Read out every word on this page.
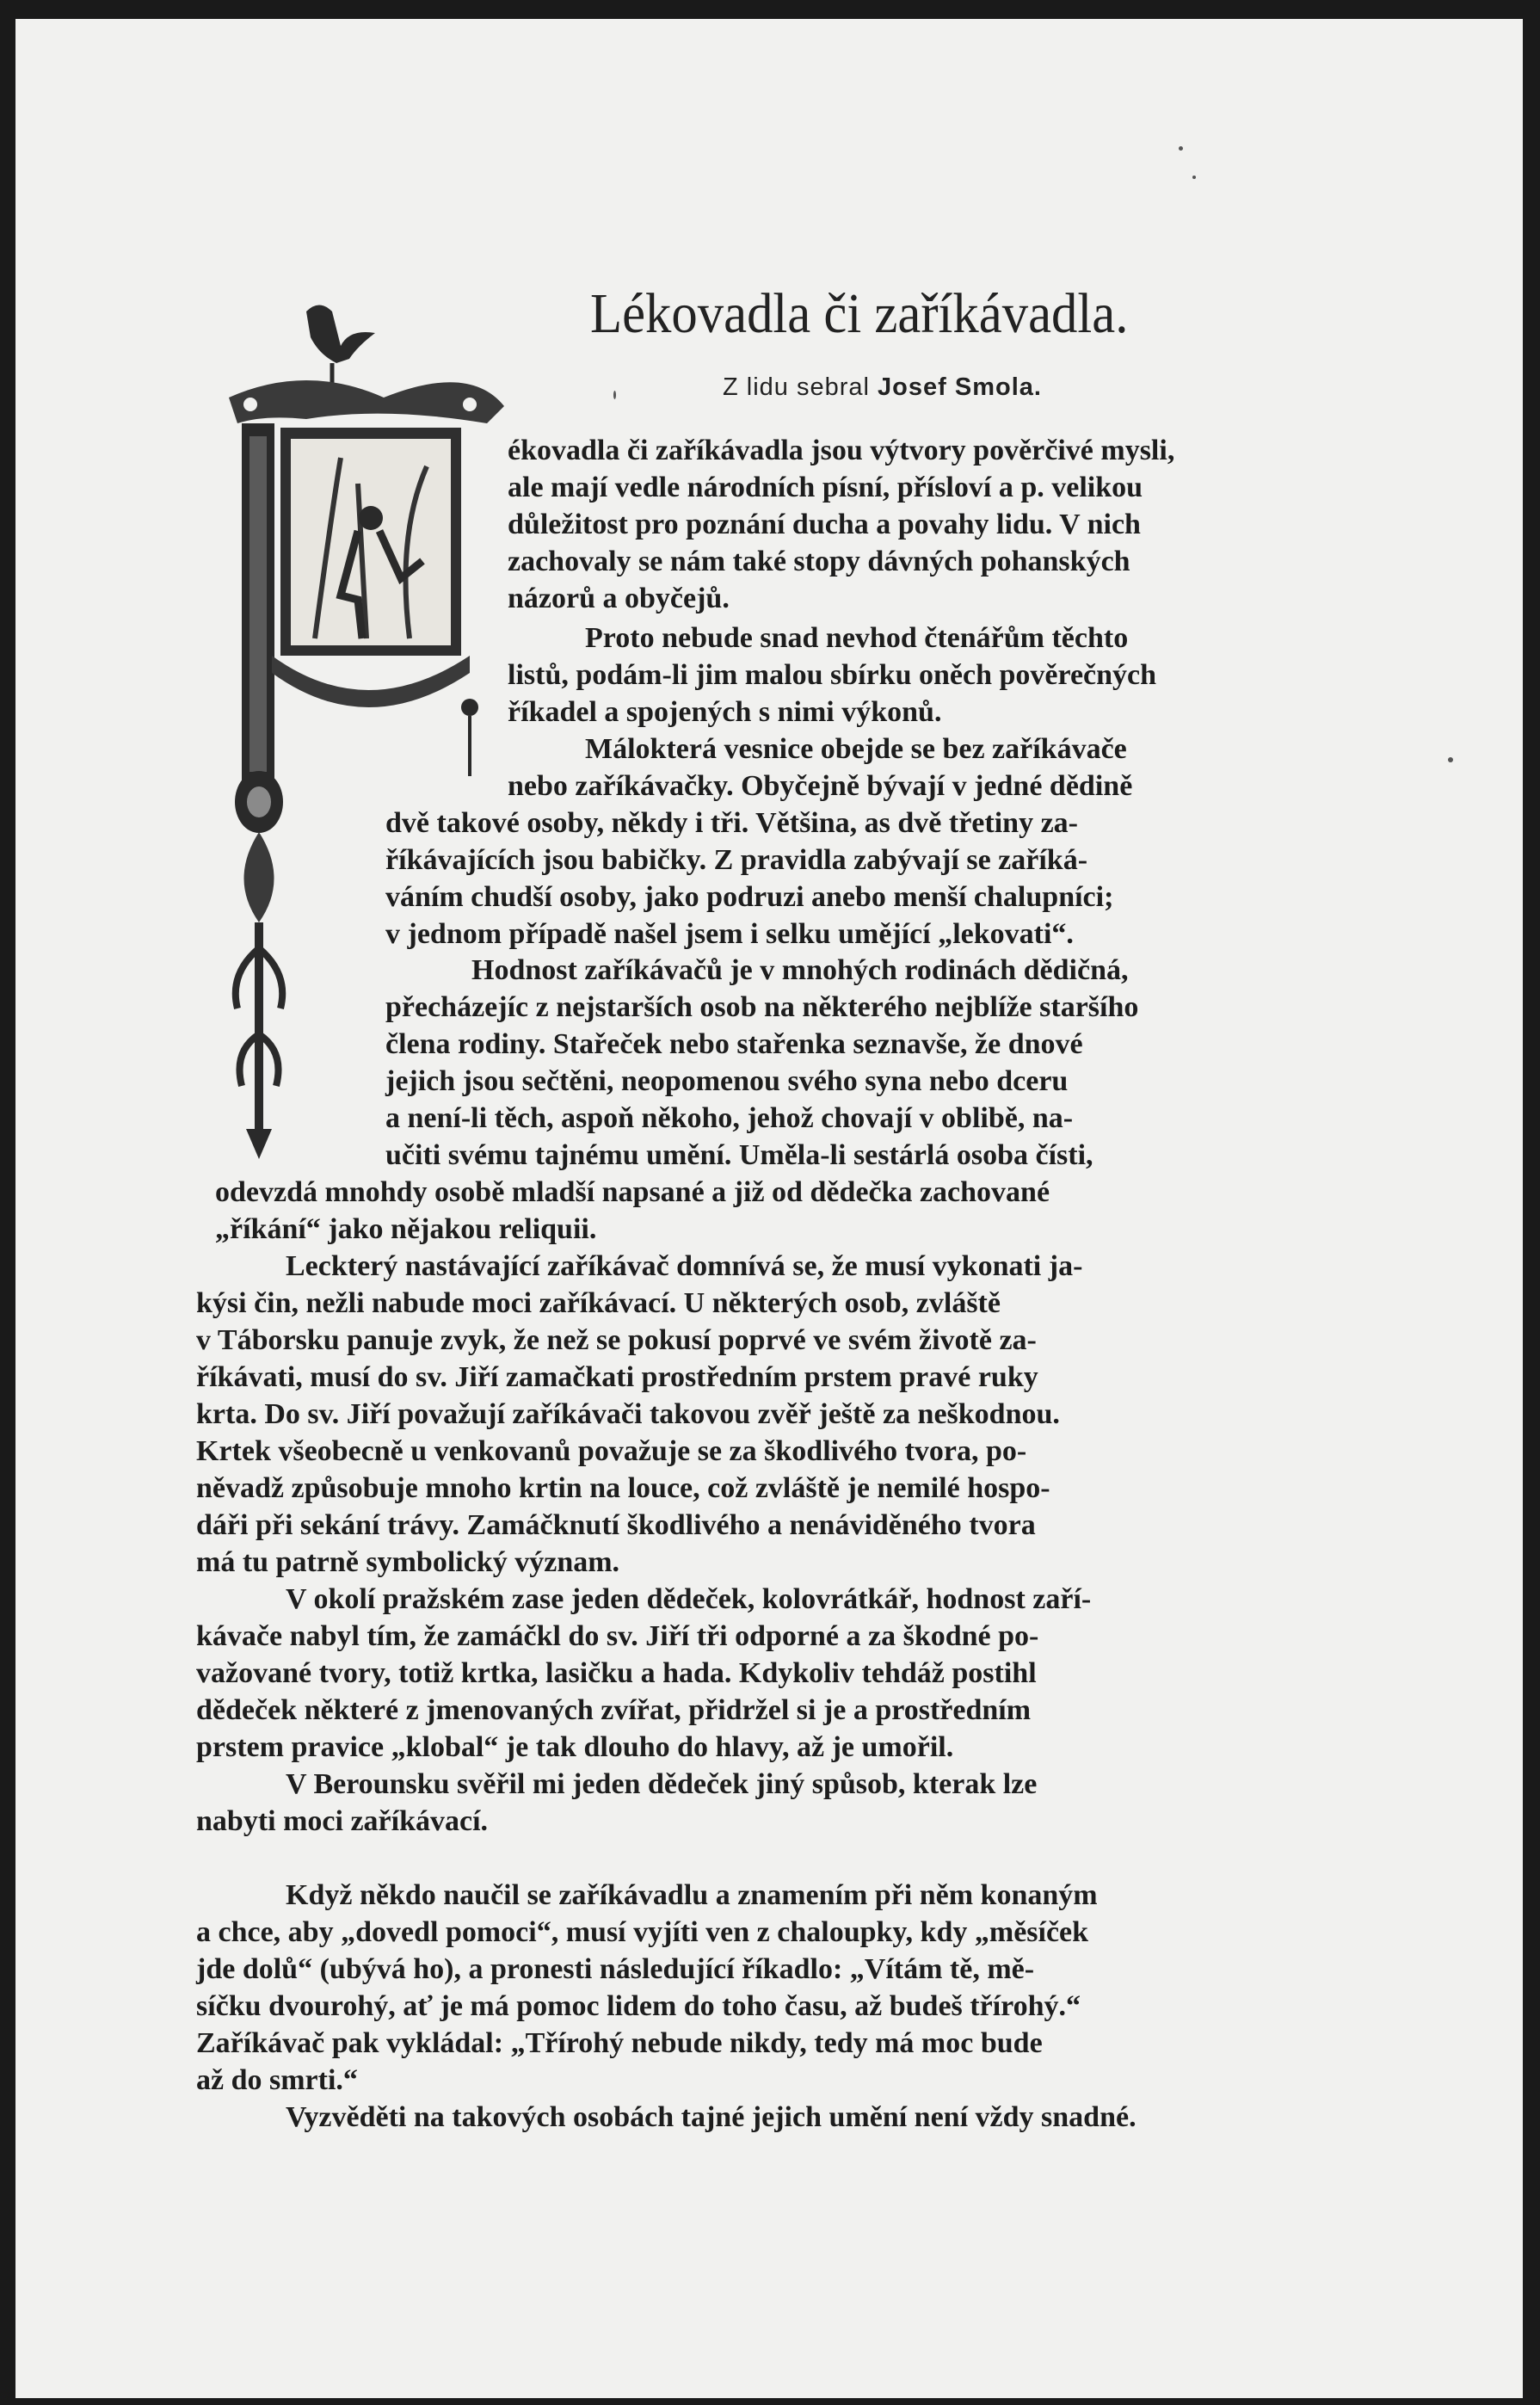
Lékovadla či zaříkávadla.
Z lidu sebral Josef Smola.
ékovadla či zaříkávadla jsou výtvory pověrčivé mysli,
ale mají vedle národních písní, přísloví a p. velikou
důležitost pro poznání ducha a povahy lidu. V nich
zachovaly se nám také stopy dávných pohanských
názorů a obyčejů.
Proto nebude snad nevhod čtenářům těchto
listů, podám-li jim malou sbírku oněch pověrečných
říkadel a spojených s nimi výkonů.
Málokterá vesnice obejde se bez zaříkávače
nebo zaříkávačky. Obyčejně bývají v jedné dědině
dvě takové osoby, někdy i tři. Většina, as dvě třetiny za-
říkávajících jsou babičky. Z pravidla zabývají se zaříká-
váním chudší osoby, jako podruzi anebo menší chalupníci;
v jednom případě našel jsem i selku umějící „lekovati“.
Hodnost zaříkávačů je v mnohých rodinách dědičná,
přecházejíc z nejstarších osob na některého nejblíže staršího
člena rodiny. Stařeček nebo stařenka seznavše, že dnové
jejich jsou sečtěni, neopomenou svého syna nebo dceru
a není-li těch, aspoň někoho, jehož chovají v oblibě, na-
učiti svému tajnému umění. Uměla-li sestárlá osoba čísti,
odevzdá mnohdy osobě mladší napsané a již od dědečka zachované
„říkání“ jako nějakou reliquii.
Leckterý nastávající zaříkávač domnívá se, že musí vykonati ja-
kýsi čin, nežli nabude moci zaříkávací. U některých osob, zvláště
v Táborsku panuje zvyk, že než se pokusí poprvé ve svém životě za-
říkávati, musí do sv. Jiří zamačkati prostředním prstem pravé ruky
krta. Do sv. Jiří považují zaříkávači takovou zvěř ještě za neškodnou.
Krtek všeobecně u venkovanů považuje se za škodlivého tvora, po-
něvadž způsobuje mnoho krtin na louce, což zvláště je nemilé hospo-
dáři při sekání trávy. Zamáčknutí škodlivého a nenáviděného tvora
má tu patrně symbolický význam.
V okolí pražském zase jeden dědeček, kolovrátkář, hodnost zaří-
kávače nabyl tím, že zamáčkl do sv. Jiří tři odporné a za škodné po-
važované tvory, totiž krtka, lasičku a hada. Kdykoliv tehdáž postihl
dědeček některé z jmenovaných zvířat, přidržel si je a prostředním
prstem pravice „klobal“ je tak dlouho do hlavy, až je umořil.
V Berounsku svěřil mi jeden dědeček jiný spůsob, kterak lze
nabyti moci zaříkávací.
Když někdo naučil se zaříkávadlu a znamením při něm konaným
a chce, aby „dovedl pomoci“, musí vyjíti ven z chaloupky, kdy „měsíček
jde dolů“ (ubývá ho), a pronesti následující říkadlo: „Vítám tě, mě-
síčku dvourohý, ať je má pomoc lidem do toho času, až budeš třírohý.“
Zaříkávač pak vykládal: „Třírohý nebude nikdy, tedy má moc bude
až do smrti.“
Vyzvěděti na takových osobách tajné jejich umění není vždy snadné.
